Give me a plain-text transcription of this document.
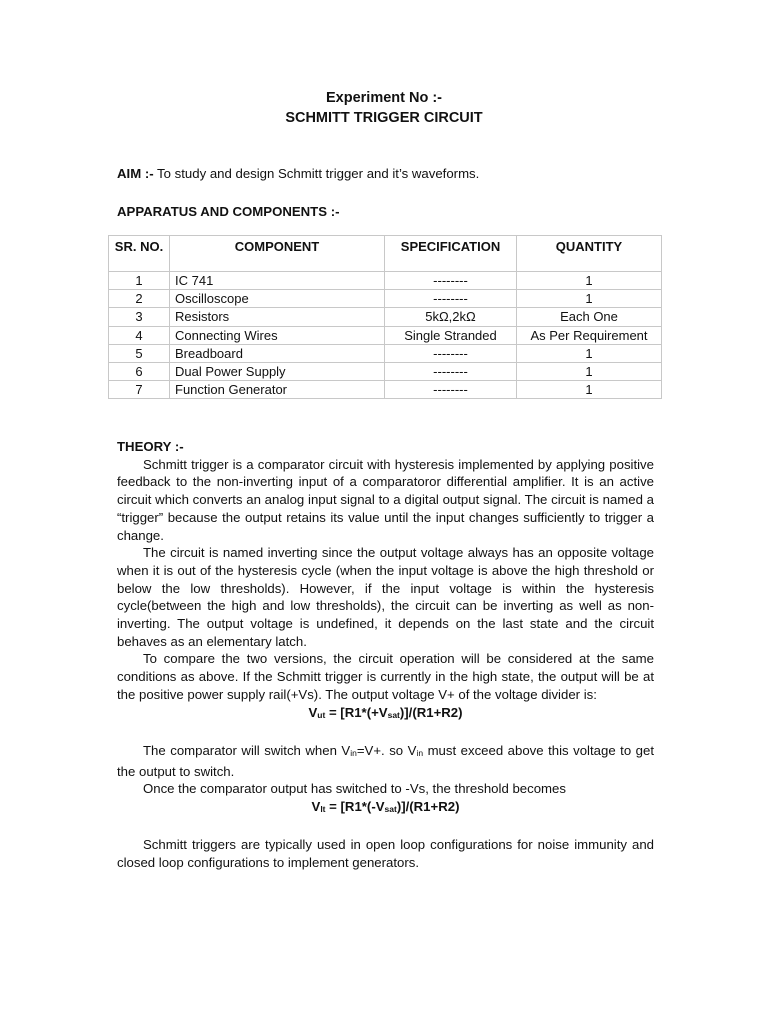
Experiment No :-
SCHMITT TRIGGER CIRCUIT
AIM :- To study and design Schmitt trigger and it’s waveforms.
APPARATUS AND COMPONENTS :-
SR. NO.	COMPONENT	SPECIFICATION	QUANTITY
1	IC 741	--------	1
2	Oscilloscope	--------	1
3	Resistors	5kΩ,2kΩ	Each One
4	Connecting Wires	Single Stranded	As Per Requirement
5	Breadboard	--------	1
6	Dual Power Supply	--------	1
7	Function Generator	--------	1
THEORY :-

Schmitt trigger is a comparator circuit with hysteresis implemented by applying positive feedback to the non-inverting input of a comparatoror differential amplifier. It is an active circuit which converts an analog input signal to a digital output signal. The circuit is named a “trigger” because the output retains its value until the input changes sufficiently to trigger a change.

The circuit is named inverting since the output voltage always has an opposite voltage when it is out of the hysteresis cycle (when the input voltage is above the high threshold or below the low thresholds). However, if the input voltage is within the hysteresis cycle(between the high and low thresholds), the circuit can be inverting as well as non-inverting. The output voltage is undefined, it depends on the last state and the circuit behaves as an elementary latch.

To compare the two versions, the circuit operation will be considered at the same conditions as above. If the Schmitt trigger is currently in the high state, the output will be at the positive power supply rail(+Vs). The output voltage V+ of the voltage divider is:

Vut = [R1*(+Vsat)]/(R1+R2)

The comparator will switch when Vin=V+. so Vin must exceed above this voltage to get the output to switch.

Once the comparator output has switched to -Vs, the threshold becomes

Vlt = [R1*(-Vsat)]/(R1+R2)

Schmitt triggers are typically used in open loop configurations for noise immunity and closed loop configurations to implement generators.
